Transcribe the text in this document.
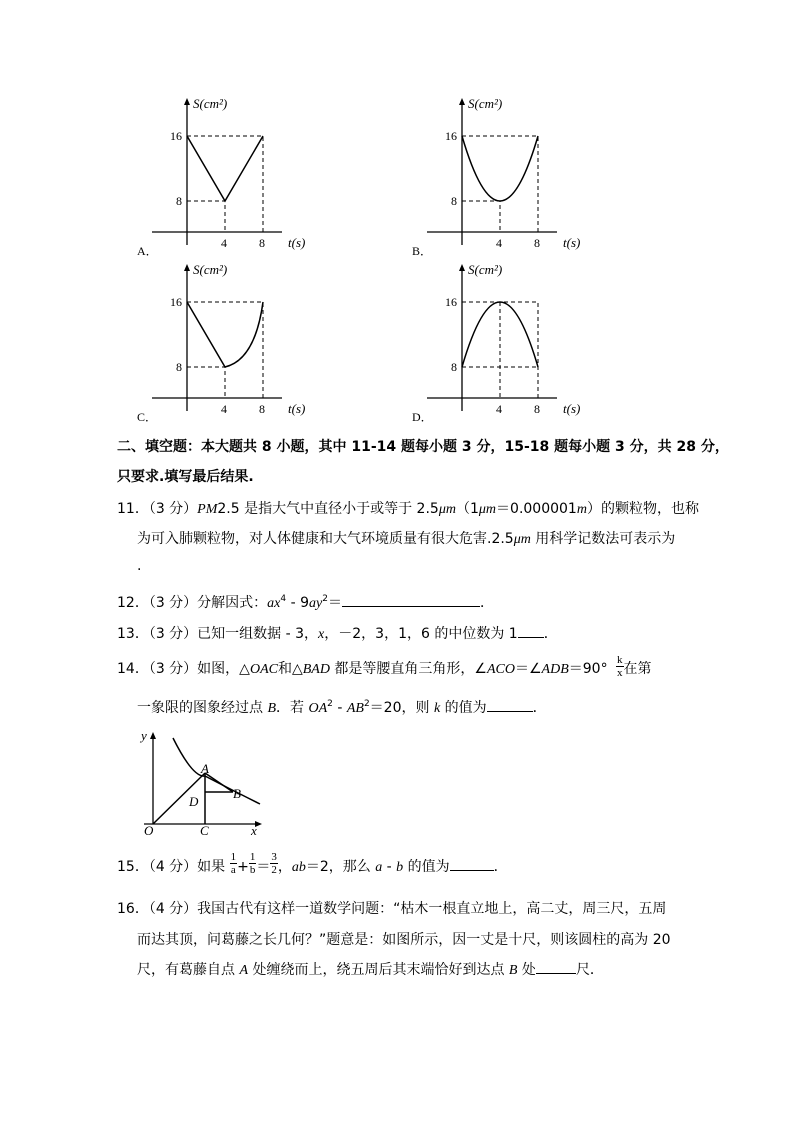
S(cm²)
16
8
4	8 t(s)
A．
S(cm²)
16
8
4	8 t(s)
B．
S(cm²)
16
8
4	8 t(s)
C．
S(cm²)
16
8
4	8 t(s)
D．
二、填空题：本大题共 8 小题，其中 11-14 题每小题 3 分，15-18 题每小题 3 分，共 28 分，
只要求.填写最后结果.
11．（3 分）PM2.5 是指大气中直径小于或等于 2.5μm（1μm＝0.000001m）的颗粒物，也称
为可入肺颗粒物，对人体健康和大气环境质量有很大危害.2.5μm 用科学记数法可表示为
.
12．（3 分）分解因式：$ax^4 - 9ay^2=$	．
13．（3 分）已知一组数据 - 3，x，－2，3，1，6 的中位数为 1 ．
14．（3 分）如图，△OAC和△BAD 都是等腰直角三角形，∠ACO＝∠ADB＝90° $\frac{k}{x}$ 在第
一象限的图象经过点 B．若 $OA^2 - AB^2=20$，则 k 的值为	．
y
x
O	C
A
D
B
15．（4 分）如果 $\frac{1}{a} + \frac{1}{b} = \frac{3}{2}$ ，ab＝2，那么 a - b 的值为	．
16．（4 分）我国古代有这样一道数学问题：“枯木一根直立地上，高二丈，周三尺，五周
而达其顶，问葛藤之长几何？”题意是：如图所示，因一丈是十尺，则该圆柱的高为 20
尺，有葛藤自点 A 处缠绕而上，绕五周后其末端恰好到达点 B 处	尺．
